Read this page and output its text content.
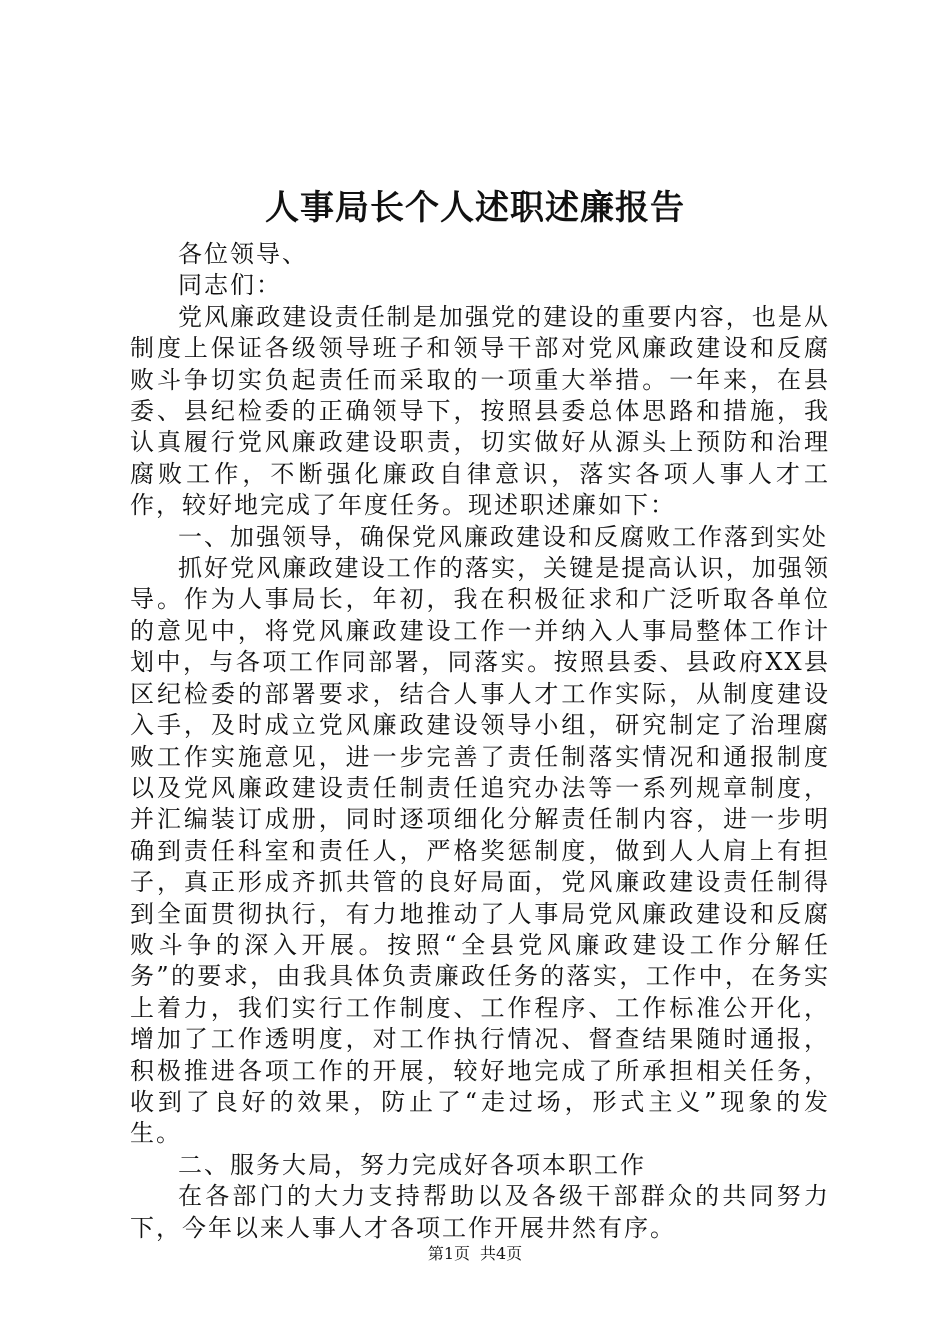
人事局长个人述职述廉报告

各位领导、

同志们：

党风廉政建设责任制是加强党的建设的重要内容，也是从制度上保证各级领导班子和领导干部对党风廉政建设和反腐败斗争切实负起责任而采取的一项重大举措。一年来，在县委、县纪检委的正确领导下，按照县委总体思路和措施，我认真履行党风廉政建设职责，切实做好从源头上预防和治理腐败工作，不断强化廉政自律意识，落实各项人事人才工作，较好地完成了年度任务。现述职述廉如下：

一、加强领导，确保党风廉政建设和反腐败工作落到实处

抓好党风廉政建设工作的落实，关键是提高认识，加强领导。作为人事局长，年初，我在积极征求和广泛听取各单位的意见中，将党风廉政建设工作一并纳入人事局整体工作计划中，与各项工作同部署，同落实。按照县委、县政府XX县区纪检委的部署要求，结合人事人才工作实际，从制度建设入手，及时成立党风廉政建设领导小组，研究制定了治理腐败工作实施意见，进一步完善了责任制落实情况和通报制度以及党风廉政建设责任制责任追究办法等一系列规章制度，并汇编装订成册，同时逐项细化分解责任制内容，进一步明确到责任科室和责任人，严格奖惩制度，做到人人肩上有担子，真正形成齐抓共管的良好局面，党风廉政建设责任制得到全面贯彻执行，有力地推动了人事局党风廉政建设和反腐败斗争的深入开展。按照“全县党风廉政建设工作分解任务”的要求，由我具体负责廉政任务的落实，工作中，在务实上着力，我们实行工作制度、工作程序、工作标准公开化，增加了工作透明度，对工作执行情况、督查结果随时通报，积极推进各项工作的开展，较好地完成了所承担相关任务，收到了良好的效果，防止了“走过场，形式主义”现象的发生。

二、服务大局，努力完成好各项本职工作

在各部门的大力支持帮助以及各级干部群众的共同努力下，今年以来人事人才各项工作开展井然有序。

第1页 共4页
